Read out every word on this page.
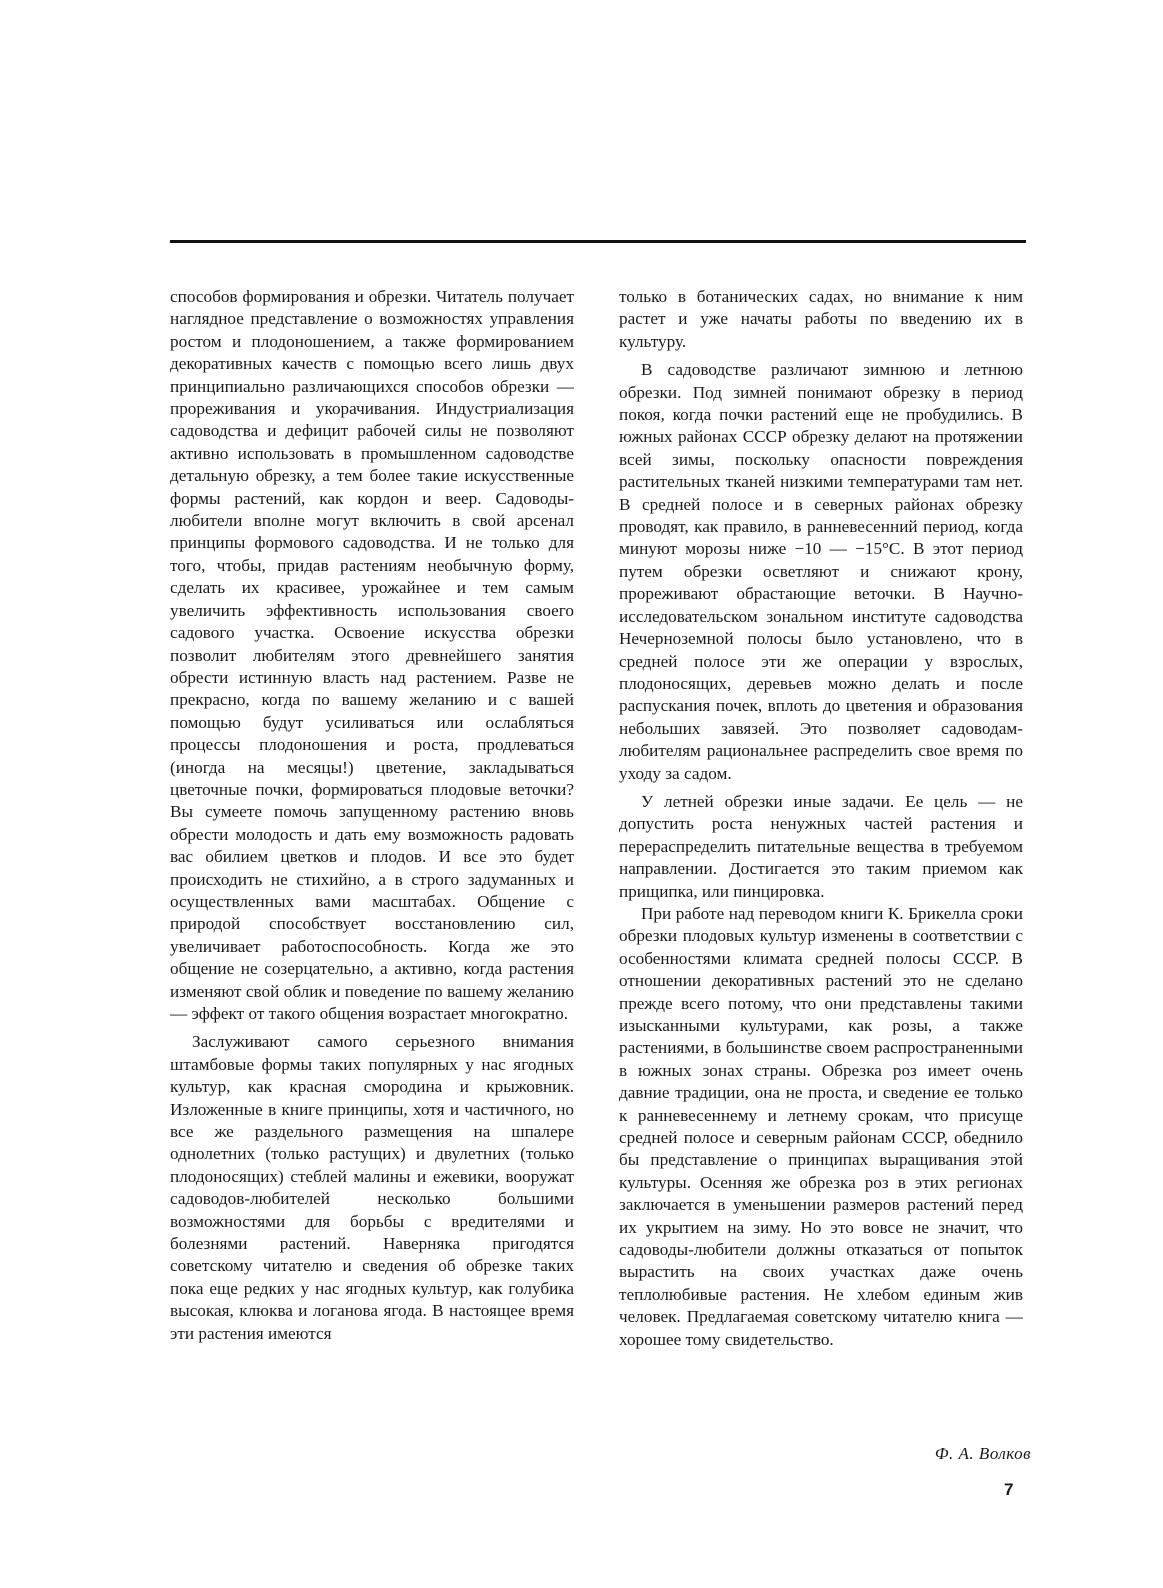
способов формирования и обрезки. Читатель получает наглядное представление о возможностях управления ростом и плодоношением, а также формированием декоративных качеств с помощью всего лишь двух принципиально различающихся способов обрезки — прореживания и укорачивания. Индустриализация садоводства и дефицит рабочей силы не позволяют активно использовать в промышленном садоводстве детальную обрезку, а тем более такие искусственные формы растений, как кордон и веер. Садоводы-любители вполне могут включить в свой арсенал принципы формового садоводства. И не только для того, чтобы, придав растениям необычную форму, сделать их красивее, урожайнее и тем самым увеличить эффективность использования своего садового участка. Освоение искусства обрезки позволит любителям этого древнейшего занятия обрести истинную власть над растением. Разве не прекрасно, когда по вашему желанию и с вашей помощью будут усиливаться или ослабляться процессы плодоношения и роста, продлеваться (иногда на месяцы!) цветение, закладываться цветочные почки, формироваться плодовые веточки? Вы сумеете помочь запущенному растению вновь обрести молодость и дать ему возможность радовать вас обилием цветков и плодов. И все это будет происходить не стихийно, а в строго задуманных и осуществленных вами масштабах. Общение с природой способствует восстановлению сил, увеличивает работоспособность. Когда же это общение не созерцательно, а активно, когда растения изменяют свой облик и поведение по вашему желанию — эффект от такого общения возрастает многократно.

Заслуживают самого серьезного внимания штамбовые формы таких популярных у нас ягодных культур, как красная смородина и крыжовник. Изложенные в книге принципы, хотя и частичного, но все же раздельного размещения на шпалере однолетних (только растущих) и двулетних (только плодоносящих) стеблей малины и ежевики, вооружат садоводов-любителей несколько большими возможностями для борьбы с вредителями и болезнями растений. Наверняка пригодятся советскому читателю и сведения об обрезке таких пока еще редких у нас ягодных культур, как голубика высокая, клюква и логанова ягода. В настоящее время эти растения имеются

только в ботанических садах, но внимание к ним растет и уже начаты работы по введению их в культуру.

В садоводстве различают зимнюю и летнюю обрезки. Под зимней понимают обрезку в период покоя, когда почки растений еще не пробудились. В южных районах СССР обрезку делают на протяжении всей зимы, поскольку опасности повреждения растительных тканей низкими температурами там нет. В средней полосе и в северных районах обрезку проводят, как правило, в ранневесенний период, когда минуют морозы ниже −10 — −15°С. В этот период путем обрезки осветляют и снижают крону, прореживают обрастающие веточки. В Научно-исследовательском зональном институте садоводства Нечерноземной полосы было установлено, что в средней полосе эти же операции у взрослых, плодоносящих, деревьев можно делать и после распускания почек, вплоть до цветения и образования небольших завязей. Это позволяет садоводам-любителям рациональнее распределить свое время по уходу за садом.

У летней обрезки иные задачи. Ее цель — не допустить роста ненужных частей растения и перераспределить питательные вещества в требуемом направлении. Достигается это таким приемом как прищипка, или пинцировка.

При работе над переводом книги К. Брикелла сроки обрезки плодовых культур изменены в соответствии с особенностями климата средней полосы СССР. В отношении декоративных растений это не сделано прежде всего потому, что они представлены такими изысканными культурами, как розы, а также растениями, в большинстве своем распространенными в южных зонах страны. Обрезка роз имеет очень давние традиции, она не проста, и сведение ее только к ранневесеннему и летнему срокам, что присуще средней полосе и северным районам СССР, обеднило бы представление о принципах выращивания этой культуры. Осенняя же обрезка роз в этих регионах заключается в уменьшении размеров растений перед их укрытием на зиму. Но это вовсе не значит, что садоводы-любители должны отказаться от попыток вырастить на своих участках даже очень теплолюбивые растения. Не хлебом единым жив человек. Предлагаемая советскому читателю книга — хорошее тому свидетельство.

Ф. А. Волков
7
